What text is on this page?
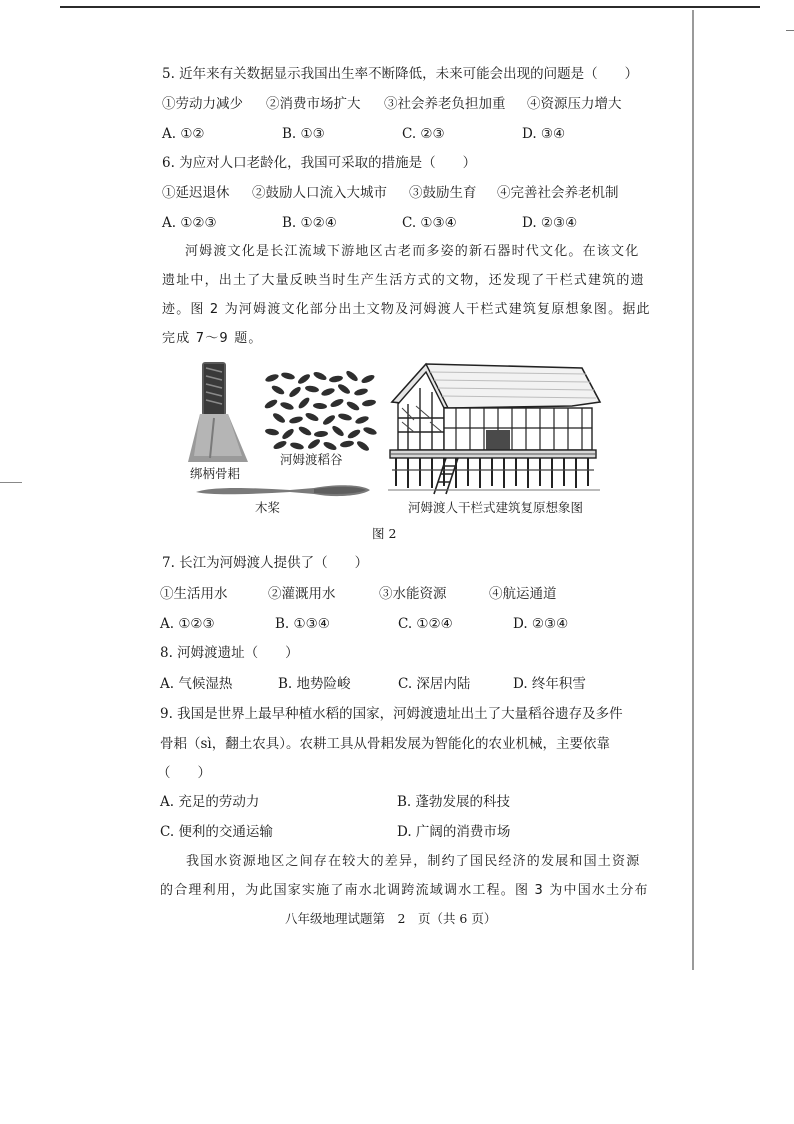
5. 近年来有关数据显示我国出生率不断降低，未来可能会出现的问题是（　　）
①劳动力减少 ②消费市场扩大 ③社会养老负担加重 ④资源压力增大
A. ①②	B. ①③	C. ②③	D. ③④
6. 为应对人口老龄化，我国可采取的措施是（　　）
①延迟退休 ②鼓励人口流入大城市 ③鼓励生育 ④完善社会养老机制
A. ①②③	B. ①②④	C. ①③④	D. ②③④
河姆渡文化是长江流域下游地区古老而多姿的新石器时代文化。在该文化
遗址中，出土了大量反映当时生产生活方式的文物，还发现了干栏式建筑的遗
迹。图 2 为河姆渡文化部分出土文物及河姆渡人干栏式建筑复原想象图。据此
完成 7～9 题。
绑柄骨耜
河姆渡稻谷
木桨	河姆渡人干栏式建筑复原想象图
图 2
7. 长江为河姆渡人提供了（　　）
①生活用水	②灌溉用水	③水能资源	④航运通道
A. ①②③	B. ①③④	C. ①②④	D. ②③④
8. 河姆渡遗址（　　）
A. 气候湿热	B. 地势险峻	C. 深居内陆	D. 终年积雪
9. 我国是世界上最早种植水稻的国家，河姆渡遗址出土了大量稻谷遗存及多件
骨耜（sì，翻土农具）。农耕工具从骨耜发展为智能化的农业机械，主要依靠
（　　）
A. 充足的劳动力	B. 蓬勃发展的科技
C. 便利的交通运输	D. 广阔的消费市场
我国水资源地区之间存在较大的差异，制约了国民经济的发展和国土资源
的合理利用，为此国家实施了南水北调跨流域调水工程。图 3 为中国水土分布
八年级地理试题第　2　页（共 6 页）
